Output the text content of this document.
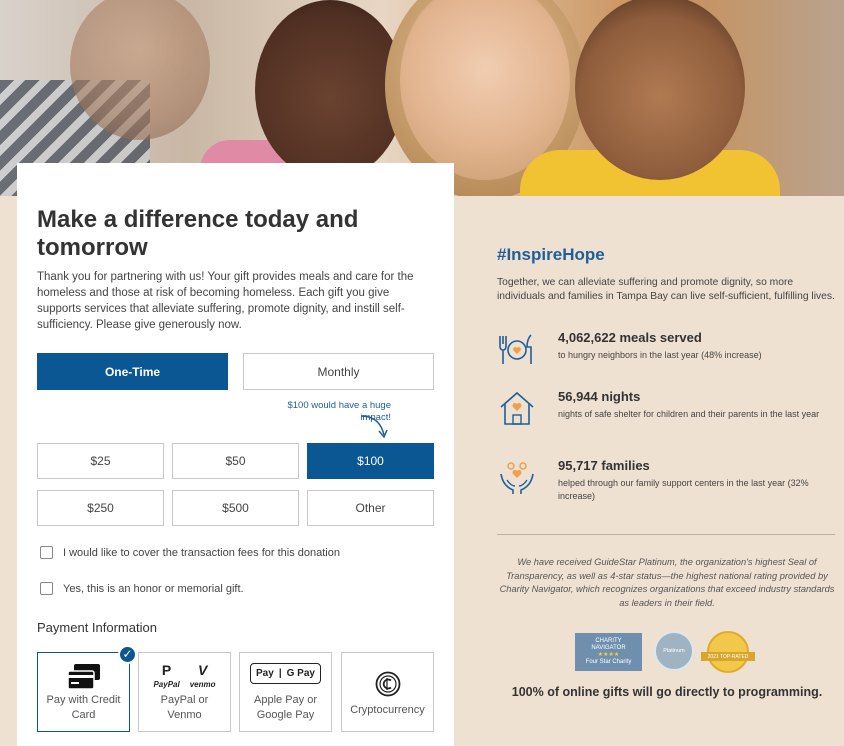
Make a difference today and tomorrow

Thank you for partnering with us! Your gift provides meals and care for the homeless and those at risk of becoming homeless. Each gift you give supports services that alleviate suffering, promote dignity, and instill self-sufficiency. Please give generously now.

One-Time	Monthly
$100 would have a huge impact!
$25	$50	$100
$250	$500	Other
I would like to cover the transaction fees for this donation
Yes, this is an honor or memorial gift.
Payment Information
✓
Pay with Credit Card
P
PayPal
V
venmo
PayPal or Venmo
Pay | G Pay
Apple Pay or Google Pay	Cryptocurrency
#InspireHope

Together, we can alleviate suffering and promote dignity, so more individuals and families in Tampa Bay can live self-sufficient, fulfilling lives.

4,062,622 meals served
to hungry neighbors in the last year (48% increase)
56,944 nights
nights of safe shelter for children and their parents in the last year
95,717 families
helped through our family support centers in the last year (32% increase)

We have received GuideStar Platinum, the organization's highest Seal of Transparency, as well as 4-star status—the highest national rating provided by Charity Navigator, which recognizes organizations that exceed industry standards as leaders in their field.

CHARITY
NAVIGATOR
★★★★
Four Star Charity
Platinum
2021 TOP-RATED
100% of online gifts will go directly to programming.
